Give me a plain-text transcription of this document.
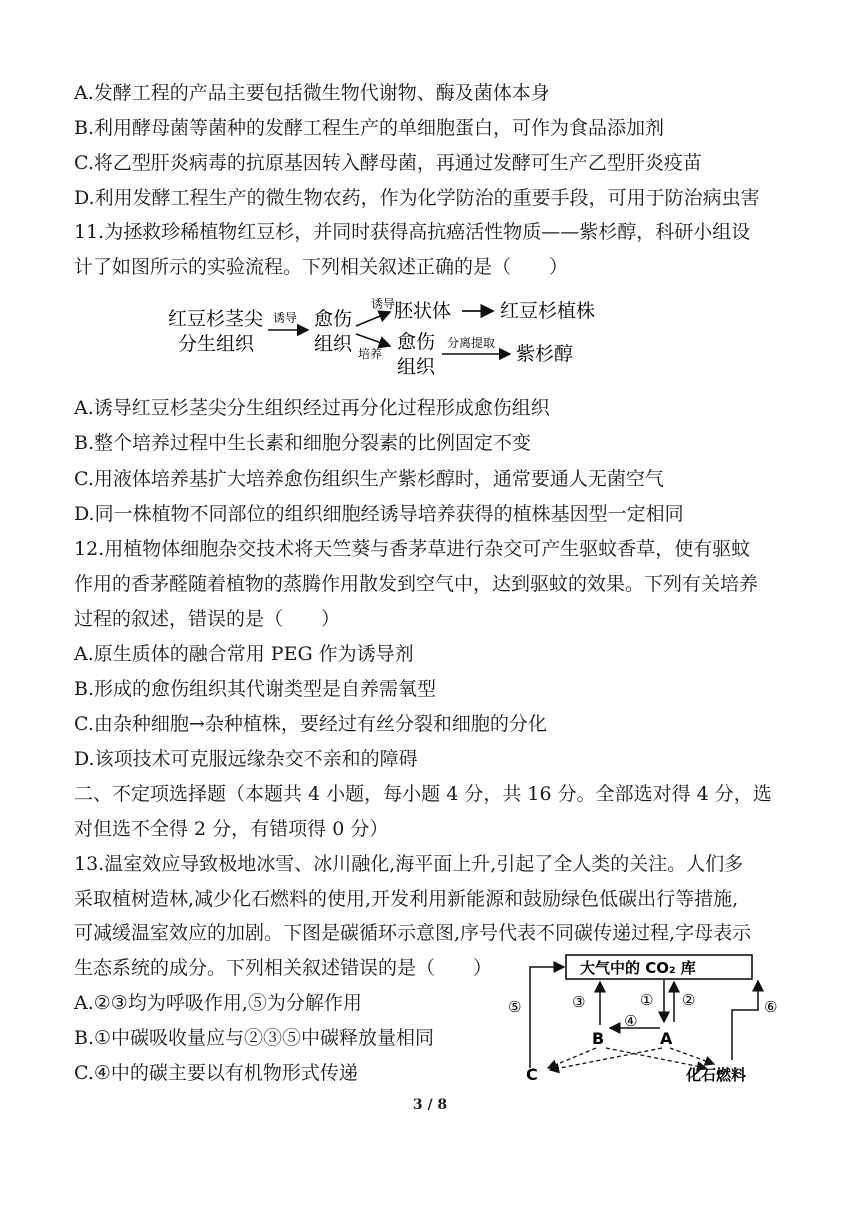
A.发酵工程的产品主要包括微生物代谢物、酶及菌体本身
B.利用酵母菌等菌种的发酵工程生产的单细胞蛋白，可作为食品添加剂
C.将乙型肝炎病毒的抗原基因转入酵母菌，再通过发酵可生产乙型肝炎疫苗
D.利用发酵工程生产的微生物农药，作为化学防治的重要手段，可用于防治病虫害
11.为拯救珍稀植物红豆杉，并同时获得高抗癌活性物质——紫杉醇，科研小组设
计了如图所示的实验流程。下列相关叙述正确的是（　　）
红豆杉茎尖
分生组织
诱导 愈伤
组织
诱导
胚状体	红豆杉植株
培养
愈伤
组织
分离提取 紫杉醇
A.诱导红豆杉茎尖分生组织经过再分化过程形成愈伤组织
B.整个培养过程中生长素和细胞分裂素的比例固定不变
C.用液体培养基扩大培养愈伤组织生产紫杉醇时，通常要通人无菌空气
D.同一株植物不同部位的组织细胞经诱导培养获得的植株基因型一定相同
12.用植物体细胞杂交技术将天竺葵与香茅草进行杂交可产生驱蚊香草，使有驱蚊
作用的香茅醛随着植物的蒸腾作用散发到空气中，达到驱蚊的效果。下列有关培养
过程的叙述，错误的是（　　）
A.原生质体的融合常用 PEG 作为诱导剂
B.形成的愈伤组织其代谢类型是自养需氧型
C.由杂种细胞→杂种植株，要经过有丝分裂和细胞的分化
D.该项技术可克服远缘杂交不亲和的障碍
二、不定项选择题（本题共 4 小题，每小题 4 分，共 16 分。全部选对得 4 分，选
对但选不全得 2 分，有错项得 0 分）
13.温室效应导致极地冰雪、冰川融化,海平面上升,引起了全人类的关注。人们多
采取植树造林,减少化石燃料的使用,开发利用新能源和鼓励绿色低碳出行等措施,
可减缓温室效应的加剧。下图是碳循环示意图,序号代表不同碳传递过程,字母表示
生态系统的成分。下列相关叙述错误的是（　　）
A.②③均为呼吸作用,⑤为分解作用
B.①中碳吸收量应与②③⑤中碳释放量相同
C.④中的碳主要以有机物形式传递
大气中的 CO₂ 库
⑤	⑥
③	① ②
④
B	A
C	化石燃料
3 / 8
